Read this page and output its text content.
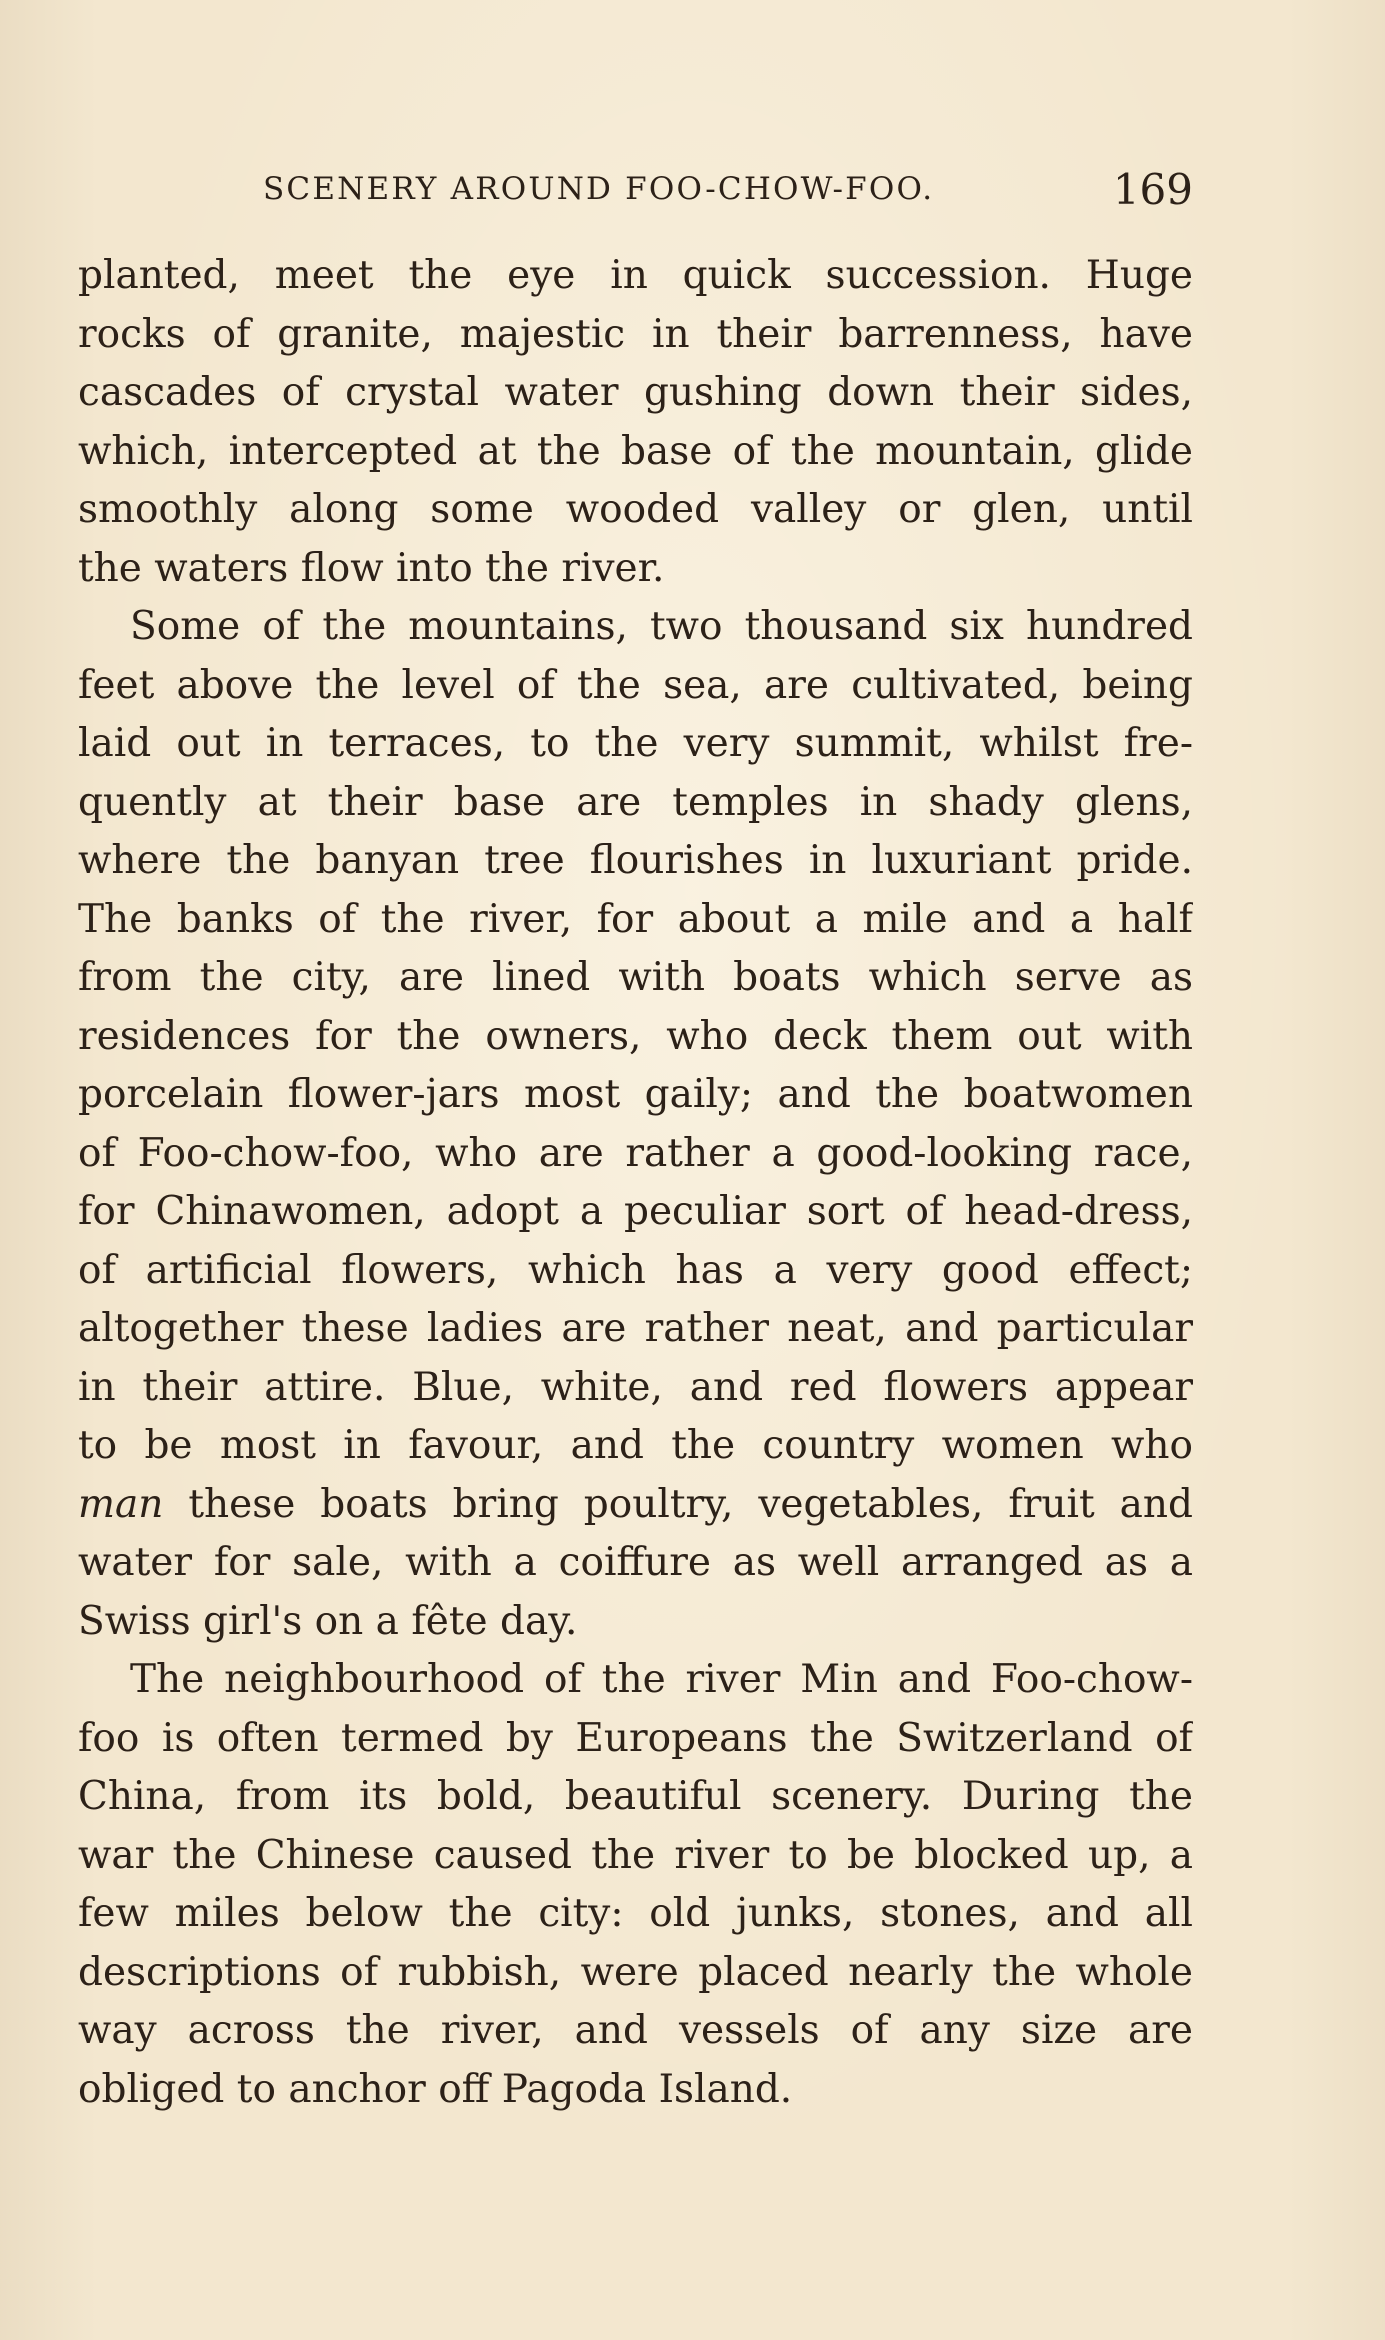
SCENERY AROUND FOO-CHOW-FOO.	169
planted, meet the eye in quick succession. Huge
rocks of granite, majestic in their barrenness, have
cascades of crystal water gushing down their sides,
which, intercepted at the base of the mountain, glide
smoothly along some wooded valley or glen, until
the waters flow into the river.
Some of the mountains, two thousand six hundred
feet above the level of the sea, are cultivated, being
laid out in terraces, to the very summit, whilst fre-
quently at their base are temples in shady glens,
where the banyan tree flourishes in luxuriant pride.
The banks of the river, for about a mile and a half
from the city, are lined with boats which serve as
residences for the owners, who deck them out with
porcelain flower-jars most gaily; and the boatwomen
of Foo-chow-foo, who are rather a good-looking race,
for Chinawomen, adopt a peculiar sort of head-dress,
of artificial flowers, which has a very good effect;
altogether these ladies are rather neat, and particular
in their attire. Blue, white, and red flowers appear
to be most in favour, and the country women who
man these boats bring poultry, vegetables, fruit and
water for sale, with a coiffure as well arranged as a
Swiss girl's on a fête day.
The neighbourhood of the river Min and Foo-chow-
foo is often termed by Europeans the Switzerland of
China, from its bold, beautiful scenery. During the
war the Chinese caused the river to be blocked up, a
few miles below the city: old junks, stones, and all
descriptions of rubbish, were placed nearly the whole
way across the river, and vessels of any size are
obliged to anchor off Pagoda Island.
